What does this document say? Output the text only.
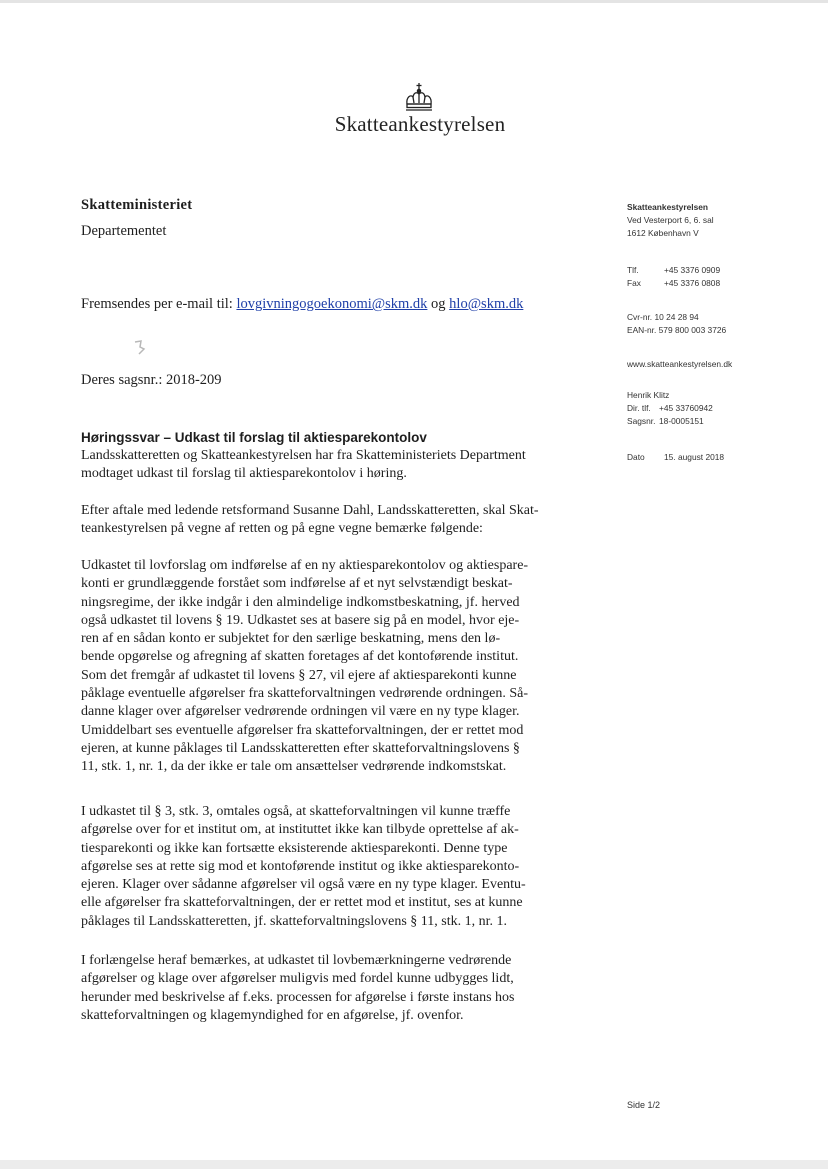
Skatteankestyrelsen
Skatteministeriet
Departementet
Fremsendes per e-mail til: lovgivningogoekonomi@skm.dk og hlo@skm.dk
Deres sagsnr.: 2018-209
Høringssvar – Udkast til forslag til aktiesparekontolov

Landsskatteretten og Skatteankestyrelsen har fra Skatteministeriets Department

modtaget udkast til forslag til aktiesparekontolov i høring.

Efter aftale med ledende retsformand Susanne Dahl, Landsskatteretten, skal Skat-

teankestyrelsen på vegne af retten og på egne vegne bemærke følgende:

Udkastet til lovforslag om indførelse af en ny aktiesparekontolov og aktiespare-

konti er grundlæggende forstået som indførelse af et nyt selvstændigt beskat-

ningsregime, der ikke indgår i den almindelige indkomstbeskatning, jf. herved

også udkastet til lovens § 19. Udkastet ses at basere sig på en model, hvor eje-

ren af en sådan konto er subjektet for den særlige beskatning, mens den lø-

bende opgørelse og afregning af skatten foretages af det kontoførende institut.

Som det fremgår af udkastet til lovens § 27, vil ejere af aktiesparekonti kunne

påklage eventuelle afgørelser fra skatteforvaltningen vedrørende ordningen. Så-

danne klager over afgørelser vedrørende ordningen vil være en ny type klager.

Umiddelbart ses eventuelle afgørelser fra skatteforvaltningen, der er rettet mod

ejeren, at kunne påklages til Landsskatteretten efter skatteforvaltningslovens §

11, stk. 1, nr. 1, da der ikke er tale om ansættelser vedrørende indkomstskat.

I udkastet til § 3, stk. 3, omtales også, at skatteforvaltningen vil kunne træffe

afgørelse over for et institut om, at instituttet ikke kan tilbyde oprettelse af ak-

tiesparekonti og ikke kan fortsætte eksisterende aktiesparekonti. Denne type

afgørelse ses at rette sig mod et kontoførende institut og ikke aktiesparekonto-

ejeren. Klager over sådanne afgørelser vil også være en ny type klager. Eventu-

elle afgørelser fra skatteforvaltningen, der er rettet mod et institut, ses at kunne

påklages til Landsskatteretten, jf. skatteforvaltningslovens § 11, stk. 1, nr. 1.

I forlængelse heraf bemærkes, at udkastet til lovbemærkningerne vedrørende

afgørelser og klage over afgørelser muligvis med fordel kunne udbygges lidt,

herunder med beskrivelse af f.eks. processen for afgørelse i første instans hos

skatteforvaltningen og klagemyndighed for en afgørelse, jf. ovenfor.

Skatteankestyrelsen

Ved Vesterport 6, 6. sal

1612 København V

Tlf.	+45 3376 0909

Fax	+45 3376 0808

Cvr-nr. 10 24 28 94

EAN-nr. 579 800 003 3726

www.skatteankestyrelsen.dk

Henrik Klitz

Dir. tlf. +45 33760942

Sagsnr. 18-0005151

Dato	15. august 2018

Side 1/2
